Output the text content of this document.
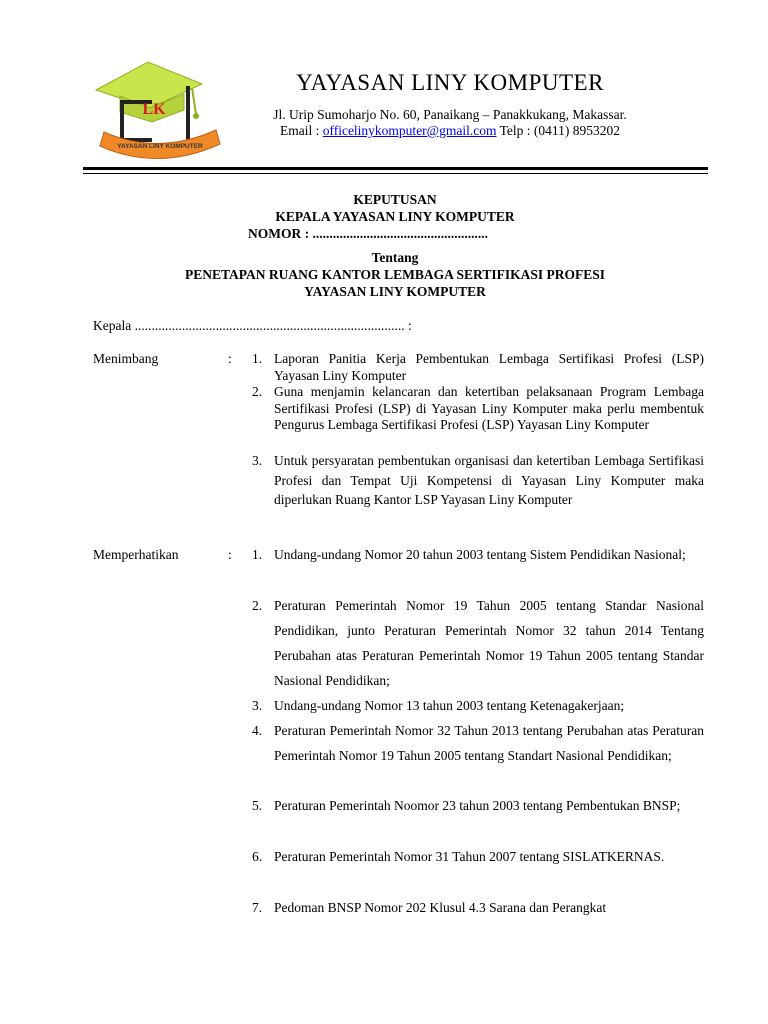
LK
YAYASAN LINY KOMPUTER
YAYASAN LINY KOMPUTER
Jl. Urip Sumoharjo No. 60, Panaikang – Panakkukang, Makassar.
Email : officelinykomputer@gmail.com Telp : (0411) 8953202
KEPUTUSAN
KEPALA YAYASAN LINY KOMPUTER
NOMOR : ....................................................
Tentang
PENETAPAN RUANG KANTOR LEMBAGA SERTIFIKASI PROFESI
YAYASAN LINY KOMPUTER
Kepala ................................................................................ :
Menimbang	: 1. Laporan Panitia Kerja Pembentukan Lembaga Sertifikasi Profesi (LSP) Yayasan Liny Komputer
2. Guna menjamin kelancaran dan ketertiban pelaksanaan Program Lembaga Sertifikasi Profesi (LSP) di Yayasan Liny Komputer maka perlu membentuk Pengurus Lembaga Sertifikasi Profesi (LSP) Yayasan Liny Komputer
3. Untuk persyaratan pembentukan organisasi dan ketertiban Lembaga Sertifikasi Profesi dan Tempat Uji Kompetensi di Yayasan Liny Komputer maka diperlukan Ruang Kantor LSP Yayasan Liny Komputer
Memperhatikan	: 1. Undang-undang Nomor 20 tahun 2003 tentang Sistem Pendidikan Nasional;
2. Peraturan Pemerintah Nomor 19 Tahun 2005 tentang Standar Nasional Pendidikan, junto Peraturan Pemerintah Nomor 32 tahun 2014 Tentang Perubahan atas Peraturan Pemerintah Nomor 19 Tahun 2005 tentang Standar Nasional Pendidikan;
3. Undang-undang Nomor 13 tahun 2003 tentang Ketenagakerjaan;
4. Peraturan Pemerintah Nomor 32 Tahun 2013 tentang Perubahan atas Peraturan Pemerintah Nomor 19 Tahun 2005 tentang Standart Nasional Pendidikan;
5. Peraturan Pemerintah Noomor 23 tahun 2003 tentang Pembentukan BNSP;
6. Peraturan Pemerintah Nomor 31 Tahun 2007 tentang SISLATKERNAS.
7. Pedoman BNSP Nomor 202 Klusul 4.3 Sarana dan Perangkat
